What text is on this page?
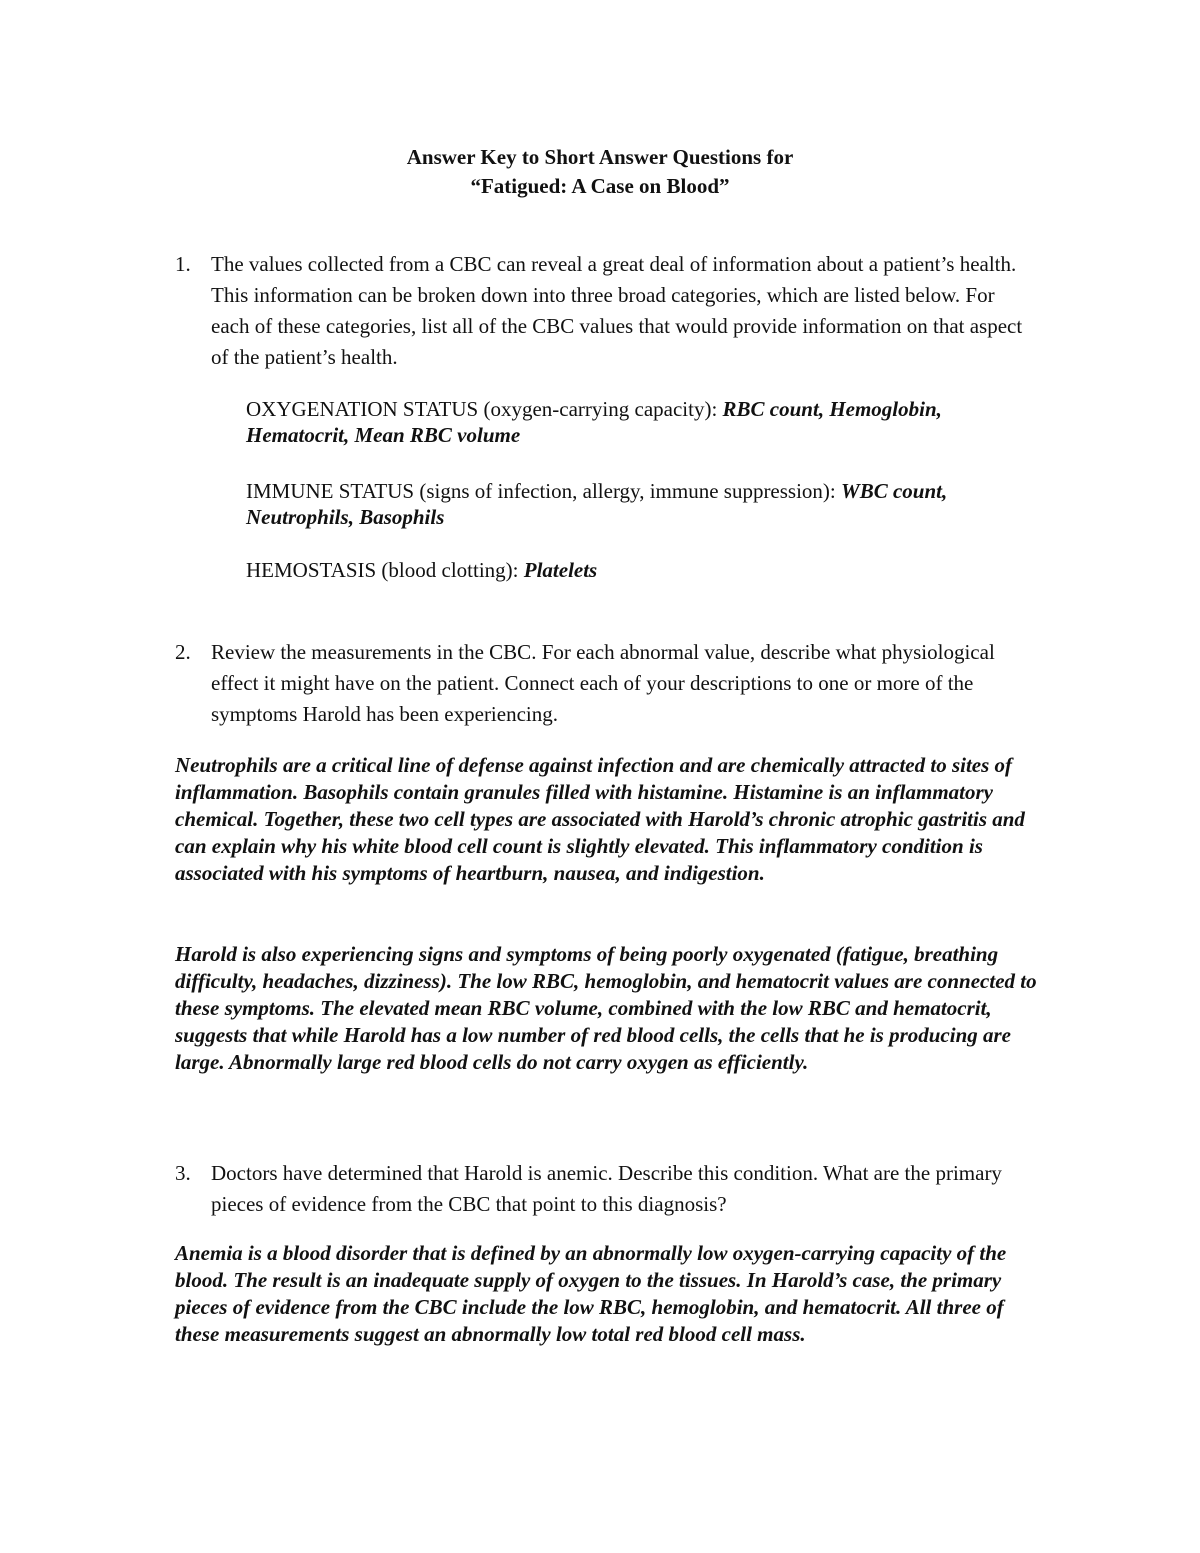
Answer Key to Short Answer Questions for
“Fatigued: A Case on Blood”
1. The values collected from a CBC can reveal a great deal of information about a patient’s health. This information can be broken down into three broad categories, which are listed below. For each of these categories, list all of the CBC values that would provide information on that aspect of the patient’s health.
OXYGENATION STATUS (oxygen-carrying capacity): RBC count, Hemoglobin, Hematocrit, Mean RBC volume
IMMUNE STATUS (signs of infection, allergy, immune suppression): WBC count, Neutrophils, Basophils
HEMOSTASIS (blood clotting): Platelets
2. Review the measurements in the CBC. For each abnormal value, describe what physiological effect it might have on the patient. Connect each of your descriptions to one or more of the symptoms Harold has been experiencing.
Neutrophils are a critical line of defense against infection and are chemically attracted to sites of inflammation. Basophils contain granules filled with histamine. Histamine is an inflammatory chemical. Together, these two cell types are associated with Harold’s chronic atrophic gastritis and can explain why his white blood cell count is slightly elevated. This inflammatory condition is associated with his symptoms of heartburn, nausea, and indigestion.
Harold is also experiencing signs and symptoms of being poorly oxygenated (fatigue, breathing difficulty, headaches, dizziness). The low RBC, hemoglobin, and hematocrit values are connected to these symptoms. The elevated mean RBC volume, combined with the low RBC and hematocrit, suggests that while Harold has a low number of red blood cells, the cells that he is producing are large. Abnormally large red blood cells do not carry oxygen as efficiently.
3. Doctors have determined that Harold is anemic. Describe this condition. What are the primary pieces of evidence from the CBC that point to this diagnosis?
Anemia is a blood disorder that is defined by an abnormally low oxygen-carrying capacity of the blood. The result is an inadequate supply of oxygen to the tissues. In Harold’s case, the primary pieces of evidence from the CBC include the low RBC, hemoglobin, and hematocrit. All three of these measurements suggest an abnormally low total red blood cell mass.
